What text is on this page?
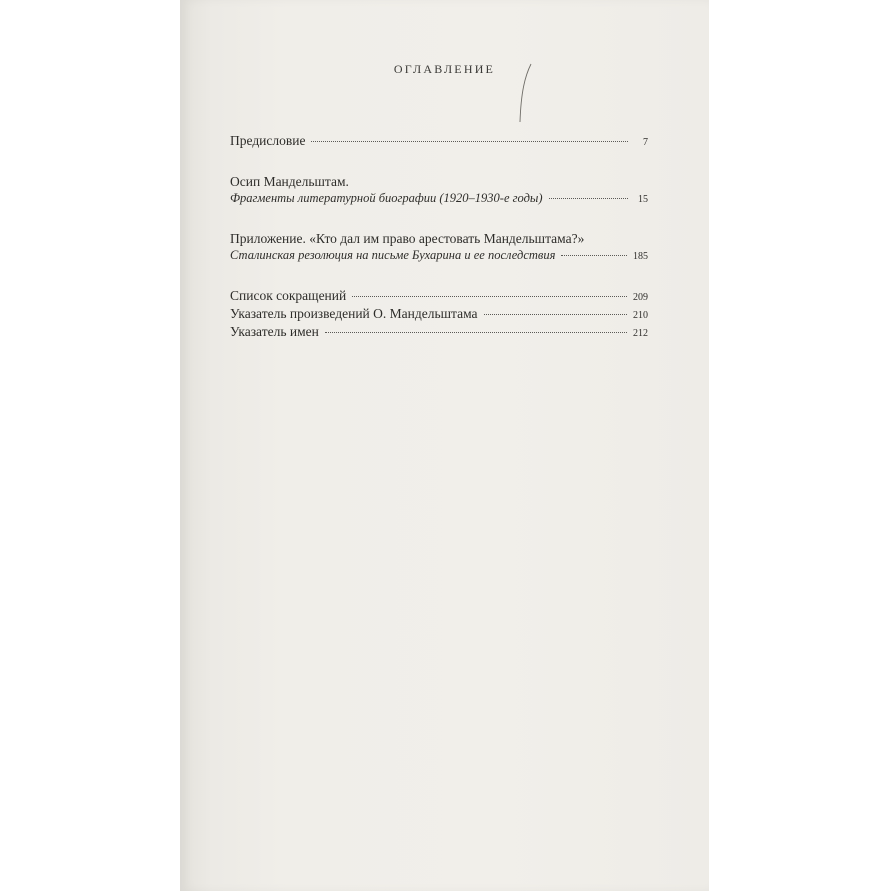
ОГЛАВЛЕНИЕ
Предисловие	7
Осип Мандельштам.
Фрагменты литературной биографии (1920–1930-е годы)	15
Приложение. «Кто дал им право арестовать Мандельштама?»
Сталинская резолюция на письме Бухарина и ее последствия	185
Список сокращений	209
Указатель произведений О. Мандельштама	210
Указатель имен	212
